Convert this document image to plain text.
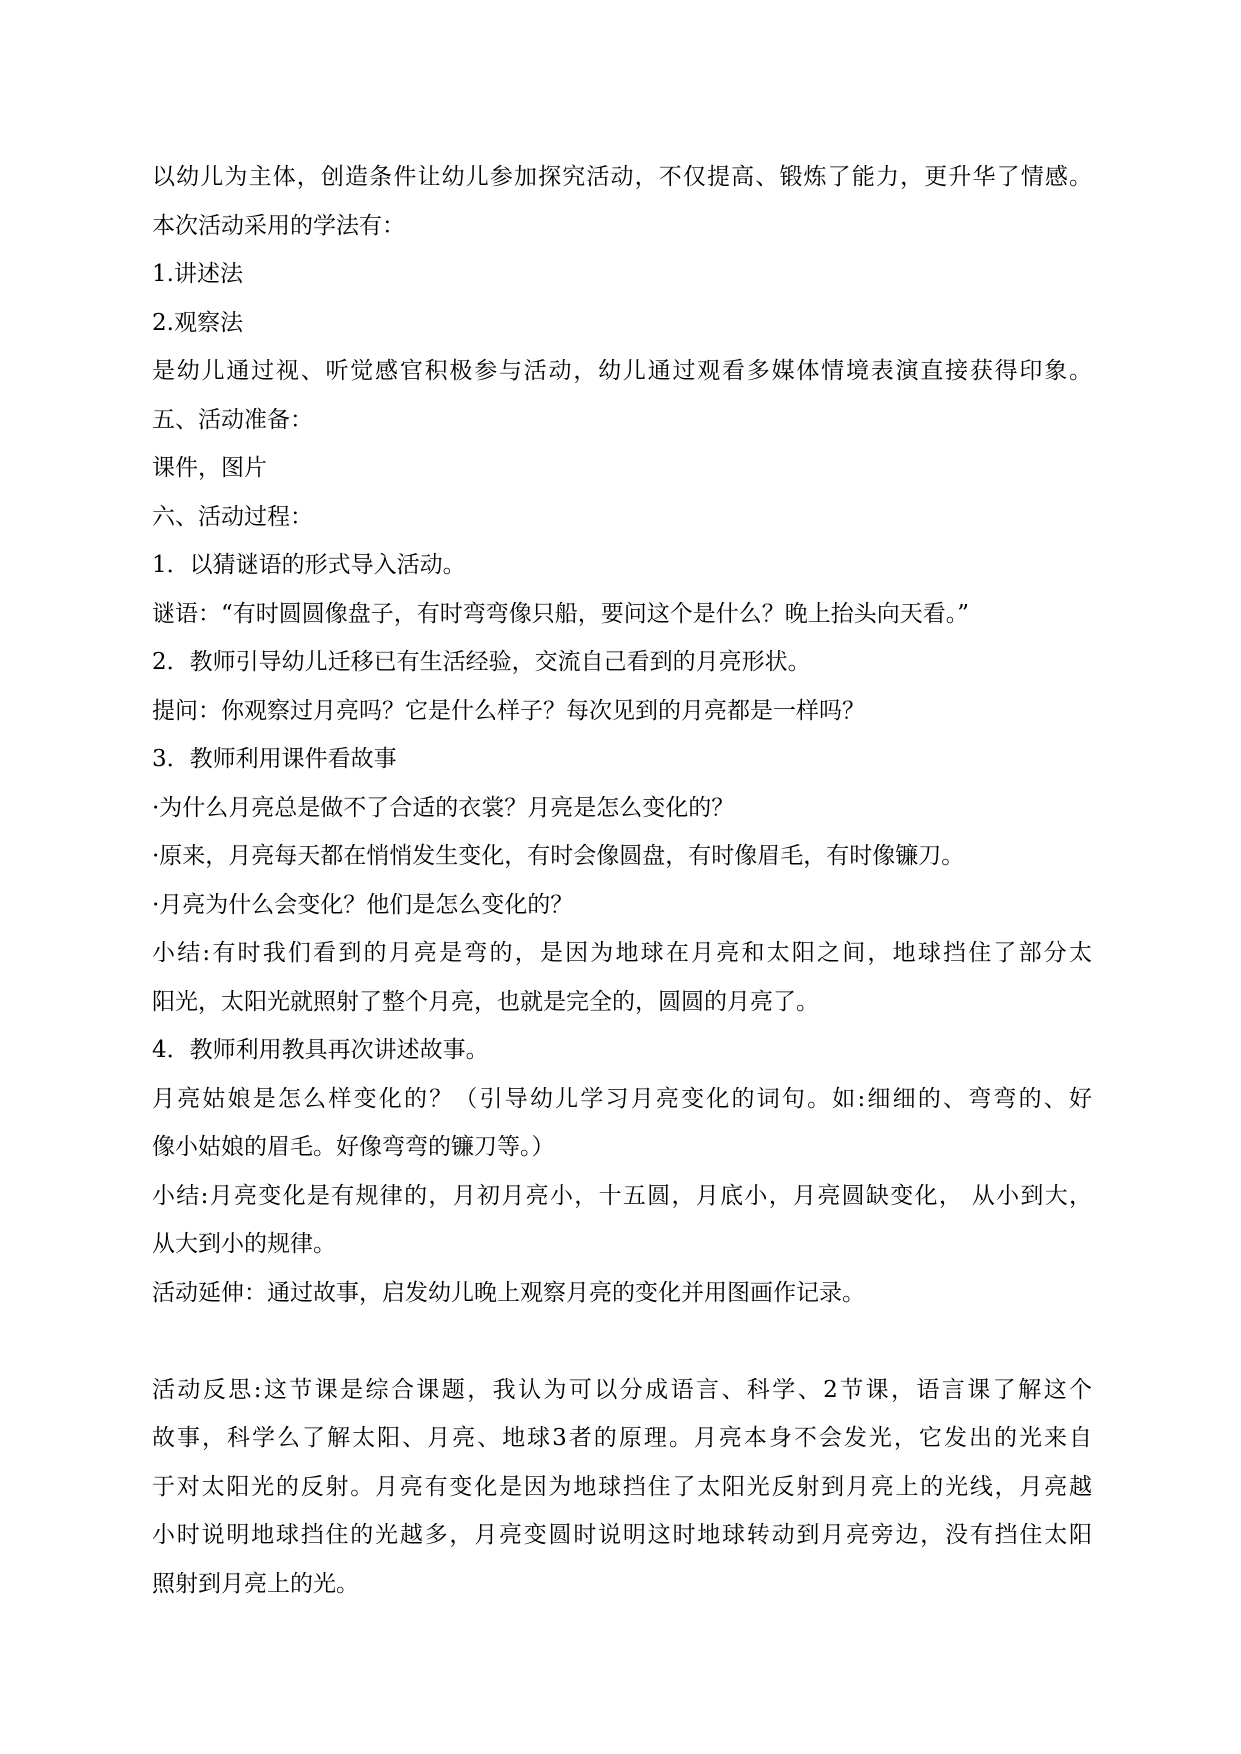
以幼儿为主体，创造条件让幼儿参加探究活动，不仅提高、锻炼了能力，更升华了情感。
本次活动采用的学法有：
1.讲述法
2.观察法
是幼儿通过视、听觉感官积极参与活动，幼儿通过观看多媒体情境表演直接获得印象。
五、活动准备：
课件，图片
六、活动过程：
1．以猜谜语的形式导入活动。
谜语：“有时圆圆像盘子，有时弯弯像只船，要问这个是什么？晚上抬头向天看。”
2．教师引导幼儿迁移已有生活经验，交流自己看到的月亮形状。
提问：你观察过月亮吗？它是什么样子？每次见到的月亮都是一样吗？
3．教师利用课件看故事
·为什么月亮总是做不了合适的衣裳？月亮是怎么变化的？
·原来，月亮每天都在悄悄发生变化，有时会像圆盘，有时像眉毛，有时像镰刀。
·月亮为什么会变化？他们是怎么变化的？
小结:有时我们看到的月亮是弯的，是因为地球在月亮和太阳之间，地球挡住了部分太
阳光，太阳光就照射了整个月亮，也就是完全的，圆圆的月亮了。
4．教师利用教具再次讲述故事。
月亮姑娘是怎么样变化的？（引导幼儿学习月亮变化的词句。如:细细的、弯弯的、好
像小姑娘的眉毛。好像弯弯的镰刀等。）
小结:月亮变化是有规律的，月初月亮小，十五圆，月底小，月亮圆缺变化， 从小到大，
从大到小的规律。
活动延伸：通过故事，启发幼儿晚上观察月亮的变化并用图画作记录。
活动反思:这节课是综合课题，我认为可以分成语言、科学、2节课，语言课了解这个
故事，科学么了解太阳、月亮、地球3者的原理。月亮本身不会发光，它发出的光来自
于对太阳光的反射。月亮有变化是因为地球挡住了太阳光反射到月亮上的光线，月亮越
小时说明地球挡住的光越多，月亮变圆时说明这时地球转动到月亮旁边，没有挡住太阳
照射到月亮上的光。
